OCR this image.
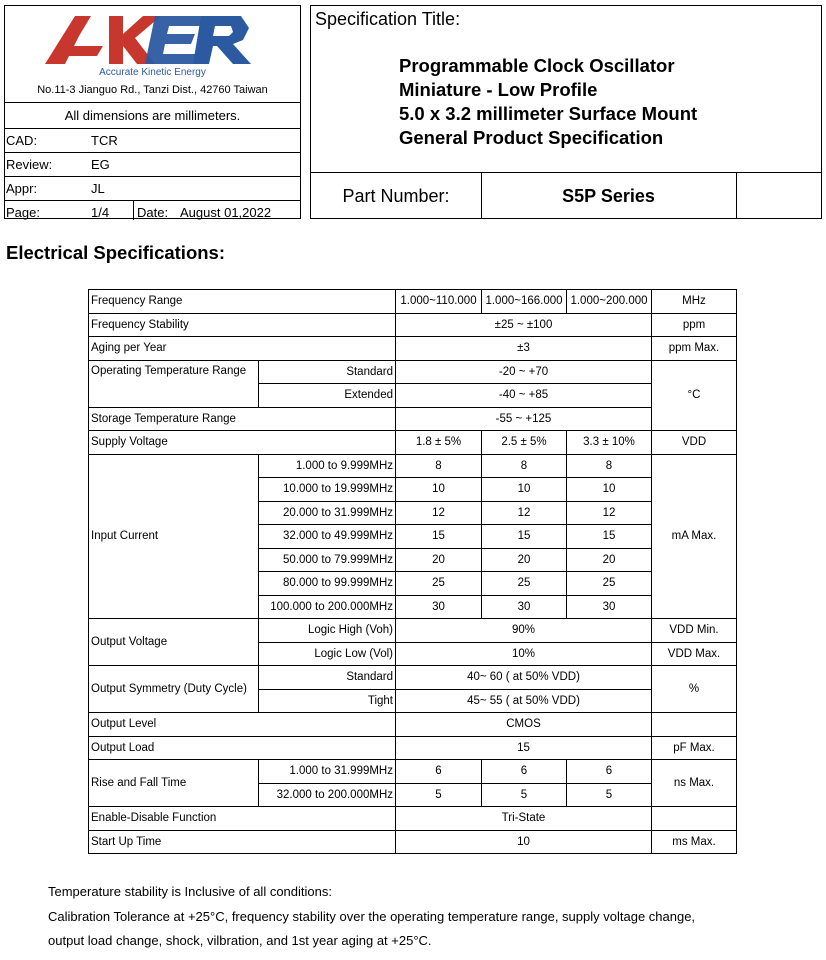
Accurate Kinetic Energy
No.11-3 Jianguo Rd., Tanzi Dist., 42760 Taiwan
All dimensions are millimeters.
CAD:	TCR
Review:	EG
Appr:	JL
Page:	1/4 Date: August 01,2022
Specification Title:
Programmable Clock Oscillator
Miniature - Low Profile
5.0 x 3.2 millimeter Surface Mount
General Product Specification
Part Number:	S5P Series
Electrical Specifications:
Frequency Range		1.000~110.000	1.000~166.000	1.000~200.000	MHz
Frequency Stability		±25 ~ ±100			ppm
Aging per Year		±3			ppm Max.
Operating Temperature Range	Standard	-20 ~ +70			°C
	Extended	-40 ~ +85			
Storage Temperature Range		-55 ~ +125			
Supply Voltage		1.8 ± 5%	2.5 ± 5%	3.3 ± 10%	VDD
Input Current	1.000 to 9.999MHz	8	8	8	mA Max.
	10.000 to 19.999MHz	10	10	10	
	20.000 to 31.999MHz	12	12	12	
	32.000 to 49.999MHz	15	15	15	
	50.000 to 79.999MHz	20	20	20	
	80.000 to 99.999MHz	25	25	25	
	100.000 to 200.000MHz	30	30	30	
Output Voltage	Logic High (Voh)	90%			VDD Min.
	Logic Low (Vol)	10%			VDD Max.
Output Symmetry (Duty Cycle)	Standard	40~ 60 ( at 50% VDD)			%
	Tight	45~ 55 ( at 50% VDD)			
Output Level		CMOS			
Output Load		15			pF Max.
Rise and Fall Time	1.000 to 31.999MHz	6	6	6	ns Max.
	32.000 to 200.000MHz	5	5	5	
Enable-Disable Function		Tri-State			
Start Up Time		10			ms Max.
Temperature stability is Inclusive of all conditions:
Calibration Tolerance at +25°C, frequency stability over the operating temperature range, supply voltage change,
output load change, shock, vilbration, and 1st year aging at +25°C.
